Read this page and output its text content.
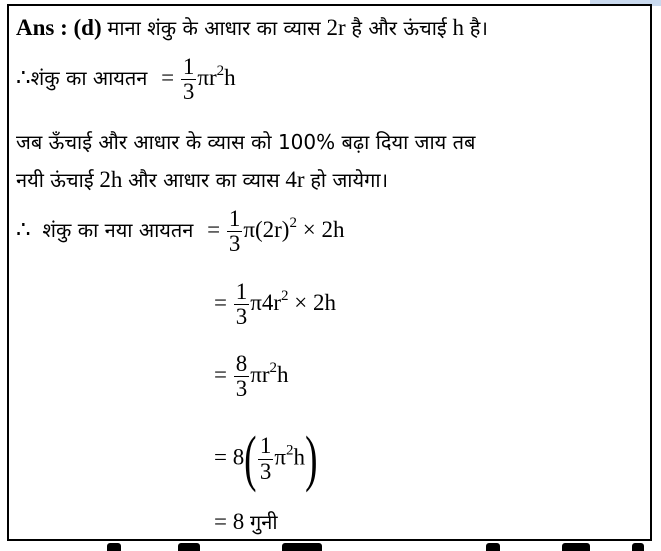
Ans : (d) माना शंकु के आधार का व्यास 2r है और ऊंचाई h है।
∴शंकु का आयतन = $\frac{1}{3} \pi r^2h$
जब ऊँचाई और आधार के व्यास को 100% बढ़ा दिया जाय तब
नयी ऊंचाई 2h और आधार का व्यास 4r हो जायेगा।
∴ शंकु का नया आयतन = $\frac{1}{3} \pi(2r)^2 \times 2h$
= $\frac{1}{3} \pi 4r^2 \times 2h$
= $\frac{8}{3} \pi r^2h$
= $8( \frac{1}{3} \pi^2h)$
= 8 गुनी
